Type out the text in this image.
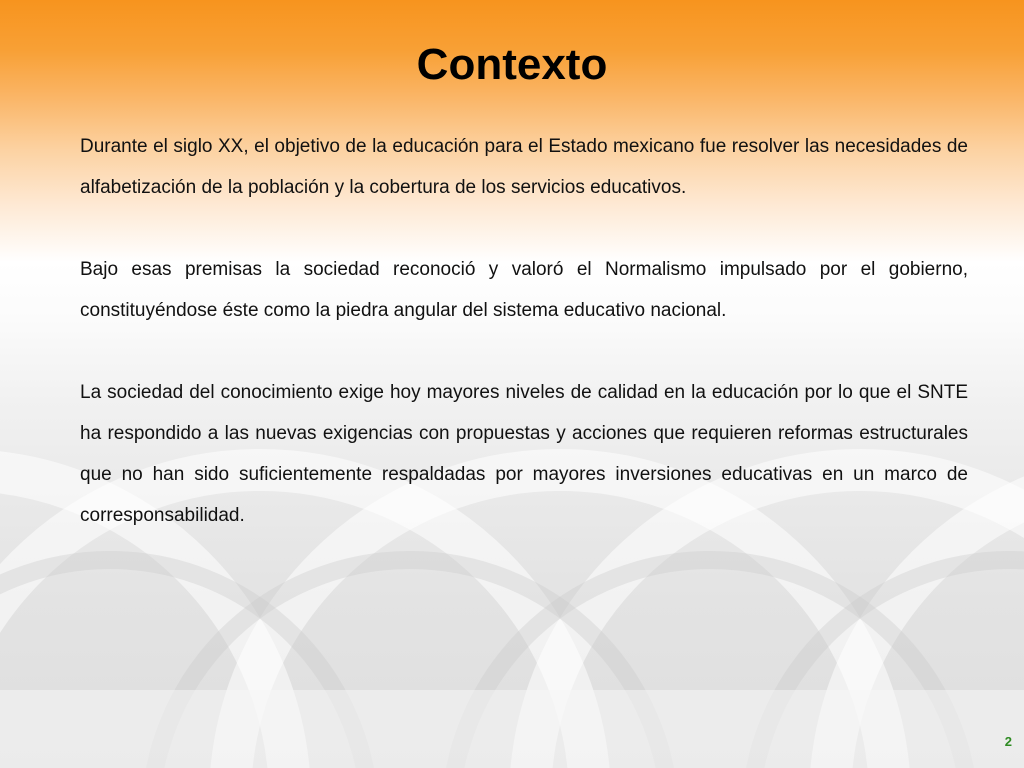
Contexto

Durante el siglo XX, el objetivo de la educación para el Estado mexicano fue resolver las necesidades de alfabetización de la población y la cobertura de los servicios educativos.

Bajo esas premisas la sociedad reconoció y valoró el Normalismo impulsado por el gobierno, constituyéndose éste como la piedra angular del sistema educativo nacional.

La sociedad del conocimiento exige hoy mayores niveles de calidad en la educación por lo que el SNTE ha respondido a las nuevas exigencias con propuestas y acciones que requieren reformas estructurales que no han sido suficientemente respaldadas por mayores inversiones educativas en un marco de corresponsabilidad.

2
